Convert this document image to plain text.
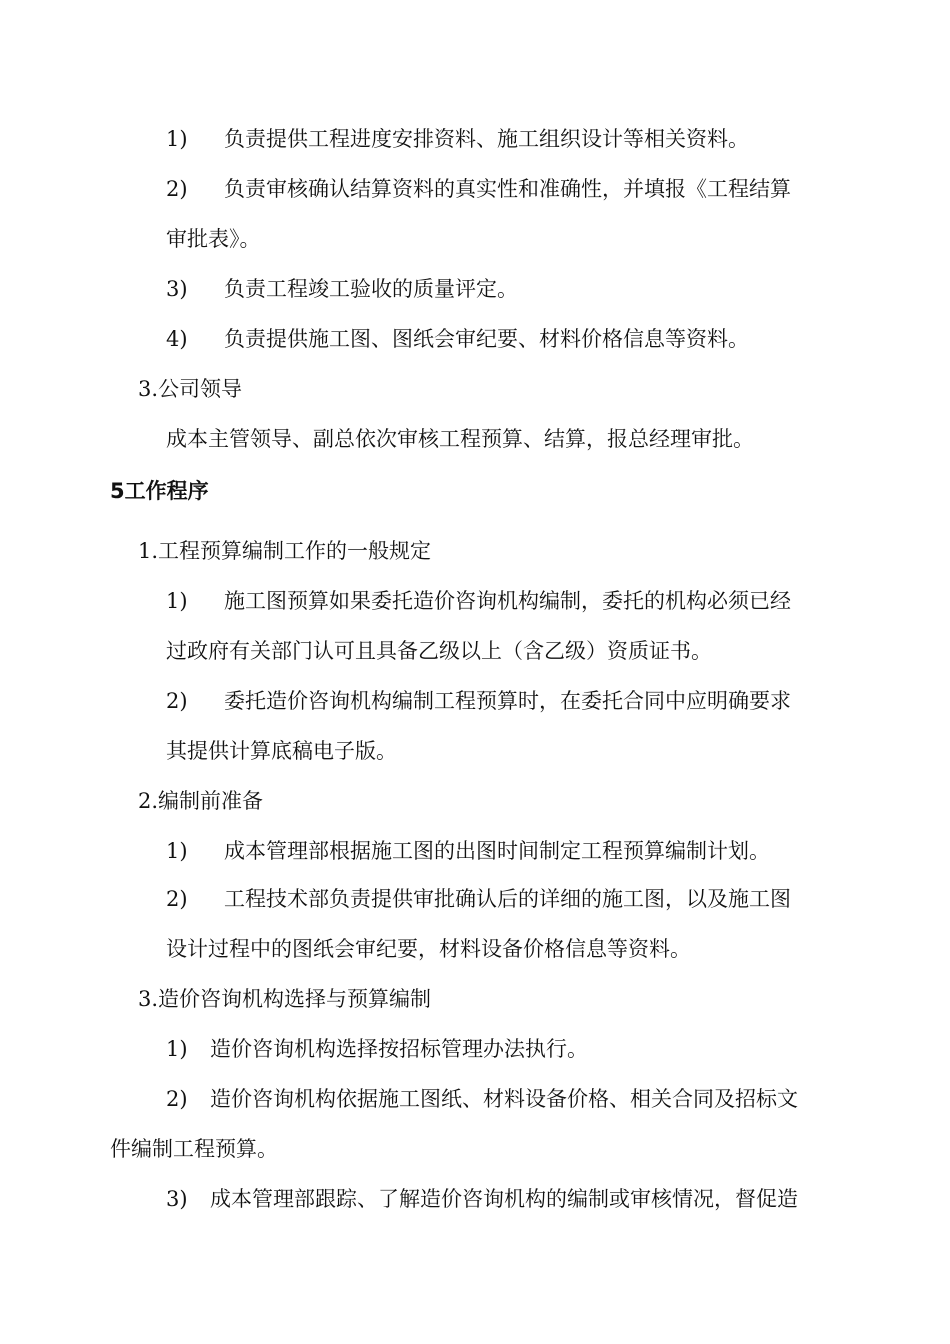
1) 负责提供工程进度安排资料、施工组织设计等相关资料。
2) 负责审核确认结算资料的真实性和准确性，并填报《工程结算
审批表》。
3) 负责工程竣工验收的质量评定。
4) 负责提供施工图、图纸会审纪要、材料价格信息等资料。
3.公司领导
成本主管领导、副总依次审核工程预算、结算，报总经理审批。
5工作程序
1.工程预算编制工作的一般规定
1) 施工图预算如果委托造价咨询机构编制，委托的机构必须已经
过政府有关部门认可且具备乙级以上（含乙级）资质证书。
2) 委托造价咨询机构编制工程预算时，在委托合同中应明确要求
其提供计算底稿电子版。
2.编制前准备
1) 成本管理部根据施工图的出图时间制定工程预算编制计划。
2) 工程技术部负责提供审批确认后的详细的施工图，以及施工图
设计过程中的图纸会审纪要，材料设备价格信息等资料。
3.造价咨询机构选择与预算编制
1) 造价咨询机构选择按招标管理办法执行。
2) 造价咨询机构依据施工图纸、材料设备价格、相关合同及招标文
件编制工程预算。
3) 成本管理部跟踪、了解造价咨询机构的编制或审核情况，督促造
